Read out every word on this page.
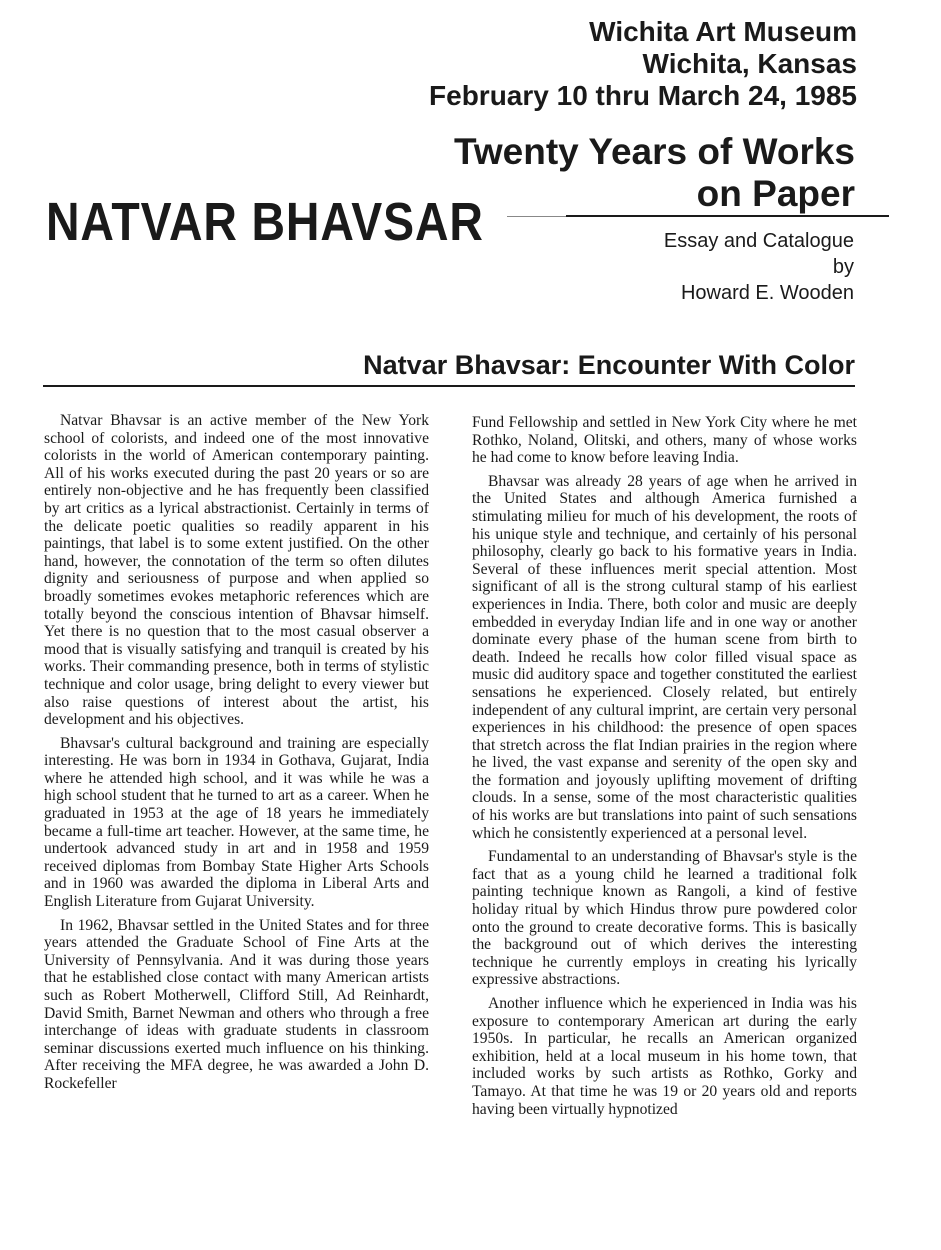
Wichita Art Museum
Wichita, Kansas
February 10 thru March 24, 1985
Twenty Years of Works
on Paper
NATVAR BHAVSAR	Essay and Catalogue
by
Howard E. Wooden
Natvar Bhavsar: Encounter With Color

Natvar Bhavsar is an active member of the New York school of colorists, and indeed one of the most innovative colorists in the world of American contemporary painting. All of his works executed during the past 20 years or so are entirely non-objective and he has frequently been classified by art critics as a lyrical abstractionist. Certainly in terms of the delicate poetic qualities so readily apparent in his paintings, that label is to some extent justified. On the other hand, however, the connotation of the term so often dilutes dignity and seriousness of purpose and when applied so broadly sometimes evokes metaphoric references which are totally beyond the conscious intention of Bhavsar himself. Yet there is no question that to the most casual observer a mood that is visually satisfying and tranquil is created by his works. Their commanding presence, both in terms of stylistic technique and color usage, bring delight to every viewer but also raise questions of interest about the artist, his development and his objectives.

Bhavsar's cultural background and training are especially interesting. He was born in 1934 in Gothava, Gujarat, India where he attended high school, and it was while he was a high school student that he turned to art as a career. When he graduated in 1953 at the age of 18 years he immediately became a full-time art teacher. However, at the same time, he undertook advanced study in art and in 1958 and 1959 received diplomas from Bombay State Higher Arts Schools and in 1960 was awarded the diploma in Liberal Arts and English Literature from Gujarat University.

In 1962, Bhavsar settled in the United States and for three years attended the Graduate School of Fine Arts at the University of Pennsylvania. And it was during those years that he established close contact with many American artists such as Robert Motherwell, Clifford Still, Ad Reinhardt, David Smith, Barnet Newman and others who through a free interchange of ideas with graduate students in classroom seminar discussions exerted much influence on his thinking. After receiving the MFA degree, he was awarded a John D. Rockefeller

Fund Fellowship and settled in New York City where he met Rothko, Noland, Olitski, and others, many of whose works he had come to know before leaving India.

Bhavsar was already 28 years of age when he arrived in the United States and although America furnished a stimulating milieu for much of his development, the roots of his unique style and technique, and certainly of his personal philosophy, clearly go back to his formative years in India. Several of these influences merit special attention. Most significant of all is the strong cultural stamp of his earliest experiences in India. There, both color and music are deeply embedded in everyday Indian life and in one way or another dominate every phase of the human scene from birth to death. Indeed he recalls how color filled visual space as music did auditory space and together constituted the earliest sensations he experienced. Closely related, but entirely independent of any cultural imprint, are certain very personal experiences in his childhood: the presence of open spaces that stretch across the flat Indian prairies in the region where he lived, the vast expanse and serenity of the open sky and the formation and joyously uplifting movement of drifting clouds. In a sense, some of the most characteristic qualities of his works are but translations into paint of such sensations which he consistently experienced at a personal level.

Fundamental to an understanding of Bhavsar's style is the fact that as a young child he learned a traditional folk painting technique known as Rangoli, a kind of festive holiday ritual by which Hindus throw pure powdered color onto the ground to create decorative forms. This is basically the background out of which derives the interesting technique he currently employs in creating his lyrically expressive abstractions.

Another influence which he experienced in India was his exposure to contemporary American art during the early 1950s. In particular, he recalls an American organized exhibition, held at a local museum in his home town, that included works by such artists as Rothko, Gorky and Tamayo. At that time he was 19 or 20 years old and reports having been virtually hypnotized
